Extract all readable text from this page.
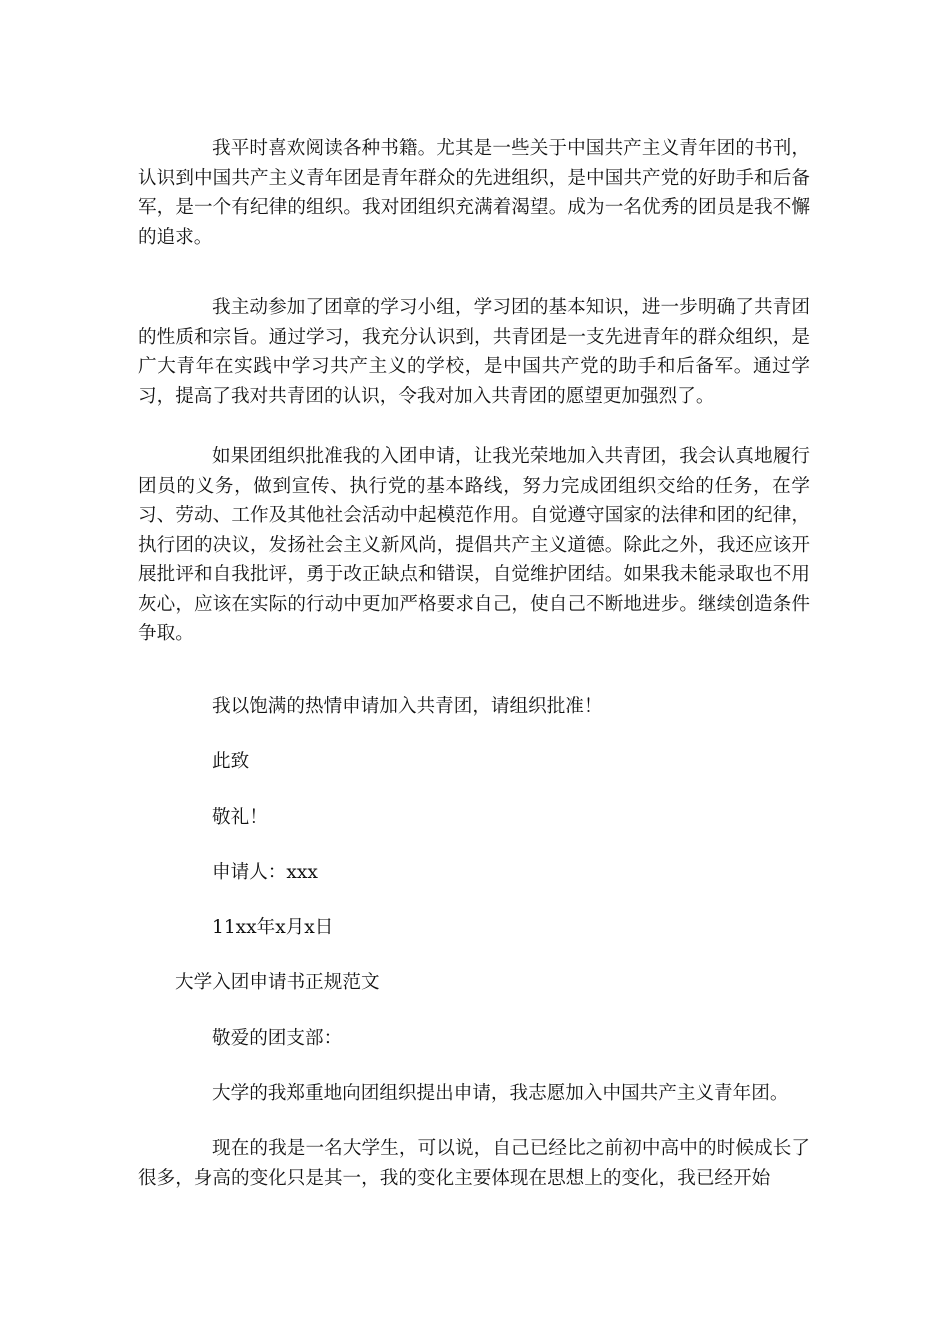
我平时喜欢阅读各种书籍。尤其是一些关于中国共产主义青年团的书刊，认识到中国共产主义青年团是青年群众的先进组织，是中国共产党的好助手和后备军，是一个有纪律的组织。我对团组织充满着渴望。成为一名优秀的团员是我不懈的追求。

我主动参加了团章的学习小组，学习团的基本知识，进一步明确了共青团的性质和宗旨。通过学习，我充分认识到，共青团是一支先进青年的群众组织，是广大青年在实践中学习共产主义的学校，是中国共产党的助手和后备军。通过学习，提高了我对共青团的认识，令我对加入共青团的愿望更加强烈了。

如果团组织批准我的入团申请，让我光荣地加入共青团，我会认真地履行团员的义务，做到宣传、执行党的基本路线，努力完成团组织交给的任务，在学习、劳动、工作及其他社会活动中起模范作用。自觉遵守国家的法律和团的纪律，执行团的决议，发扬社会主义新风尚，提倡共产主义道德。除此之外，我还应该开展批评和自我批评，勇于改正缺点和错误，自觉维护团结。如果我未能录取也不用灰心，应该在实际的行动中更加严格要求自己，使自己不断地进步。继续创造条件争取。

我以饱满的热情申请加入共青团，请组织批准！

此致

敬礼！

申请人：xxx

11xx年x月x日

大学入团申请书正规范文

敬爱的团支部：

大学的我郑重地向团组织提出申请，我志愿加入中国共产主义青年团。

现在的我是一名大学生，可以说，自己已经比之前初中高中的时候成长了很多，身高的变化只是其一，我的变化主要体现在思想上的变化，我已经开始
